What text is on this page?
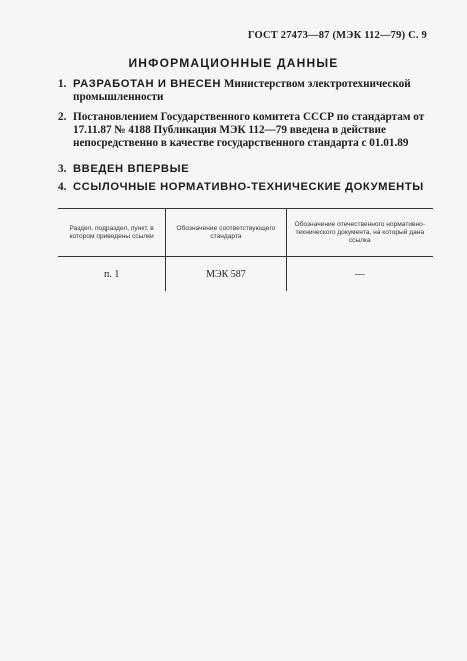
ГОСТ 27473—87 (МЭК 112—79) С. 9
ИНФОРМАЦИОННЫЕ ДАННЫЕ
1. РАЗРАБОТАН И ВНЕСЕН Министерством электротехнической промышленности
2. Постановлением Государственного комитета СССР по стандартам от 17.11.87 № 4188 Публикация МЭК 112—79 введена в действие непосредственно в качестве государственного стандарта с 01.01.89
3. ВВЕДЕН ВПЕРВЫЕ
4. ССЫЛОЧНЫЕ НОРМАТИВНО-ТЕХНИЧЕСКИЕ ДОКУМЕНТЫ
Раздел, подраздел, пункт, в котором приведены ссылки	Обозначение соответствующего стандарта	Обозначение отечественного нормативно-технического документа, на который дана ссылка
п. 1	МЭК 587	—
